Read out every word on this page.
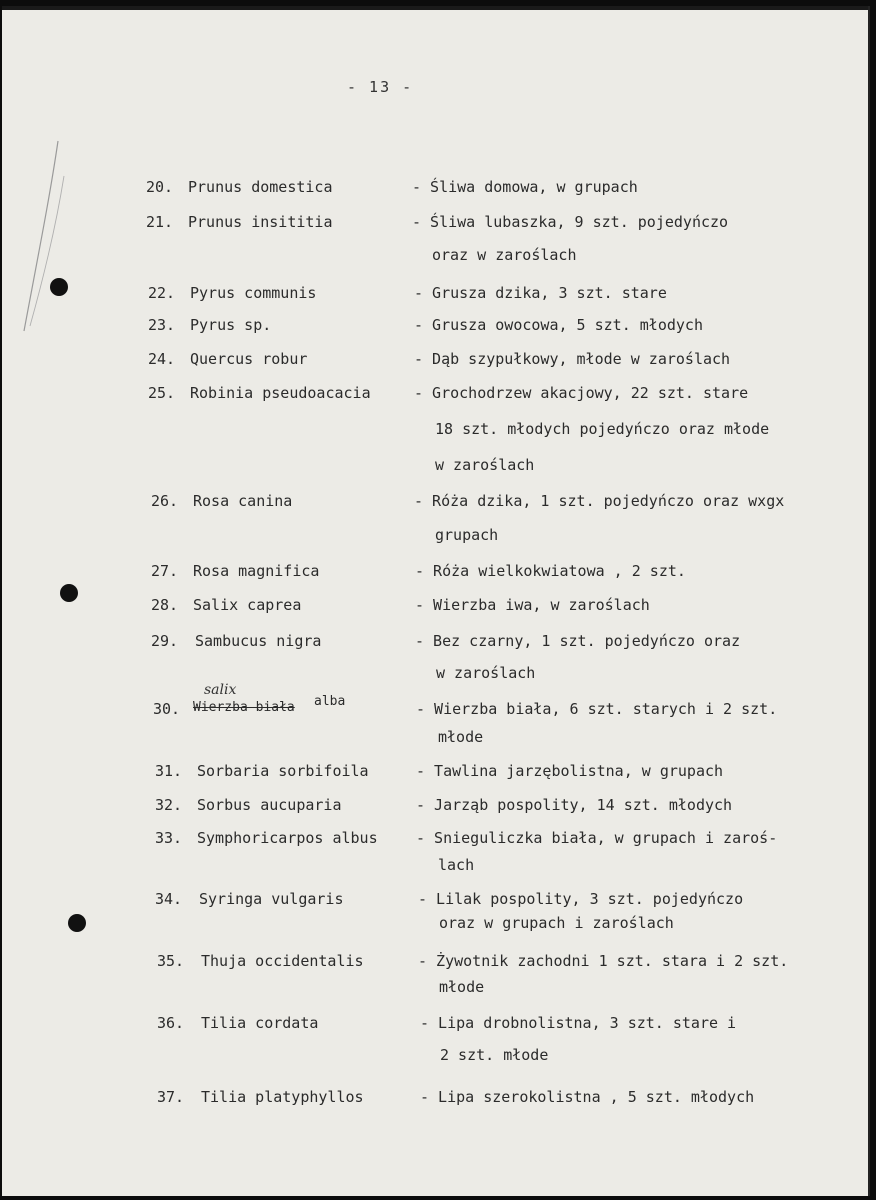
- 13 -
20. Prunus domestica	- Śliwa domowa, w grupach
21. Prunus insititia	- Śliwa lubaszka, 9 szt. pojedyńczo
oraz w zaroślach
22. Pyrus communis	- Grusza dzika, 3 szt. stare
23. Pyrus sp.	- Grusza owocowa, 5 szt. młodych
24. Quercus robur	- Dąb szypułkowy, młode w zaroślach
25. Robinia pseudoacacia	- Grochodrzew akacjowy, 22 szt. stare
18 szt. młodych pojedyńczo oraz młode
w zaroślach
26. Rosa canina	- Róża dzika, 1 szt. pojedyńczo oraz wxgx
grupach
27. Rosa magnifica	- Róża wielkokwiatowa , 2 szt.
28. Salix caprea	- Wierzba iwa, w zaroślach
29. Sambucus nigra	- Bez czarny, 1 szt. pojedyńczo oraz
w zaroślach
salix
30. Wierzba biała alba	- Wierzba biała, 6 szt. starych i 2 szt.
młode
31. Sorbaria sorbifoila	- Tawlina jarzębolistna, w grupach
32. Sorbus aucuparia	- Jarząb pospolity, 14 szt. młodych
33. Symphoricarpos albus	- Snieguliczka biała, w grupach i zaroś-
lach
34. Syringa vulgaris	- Lilak pospolity, 3 szt. pojedyńczo
oraz w grupach i zaroślach
35. Thuja occidentalis	- Żywotnik zachodni 1 szt. stara i 2 szt.
młode
36. Tilia cordata	- Lipa drobnolistna, 3 szt. stare i
2 szt. młode
37. Tilia platyphyllos	- Lipa szerokolistna , 5 szt. młodych
